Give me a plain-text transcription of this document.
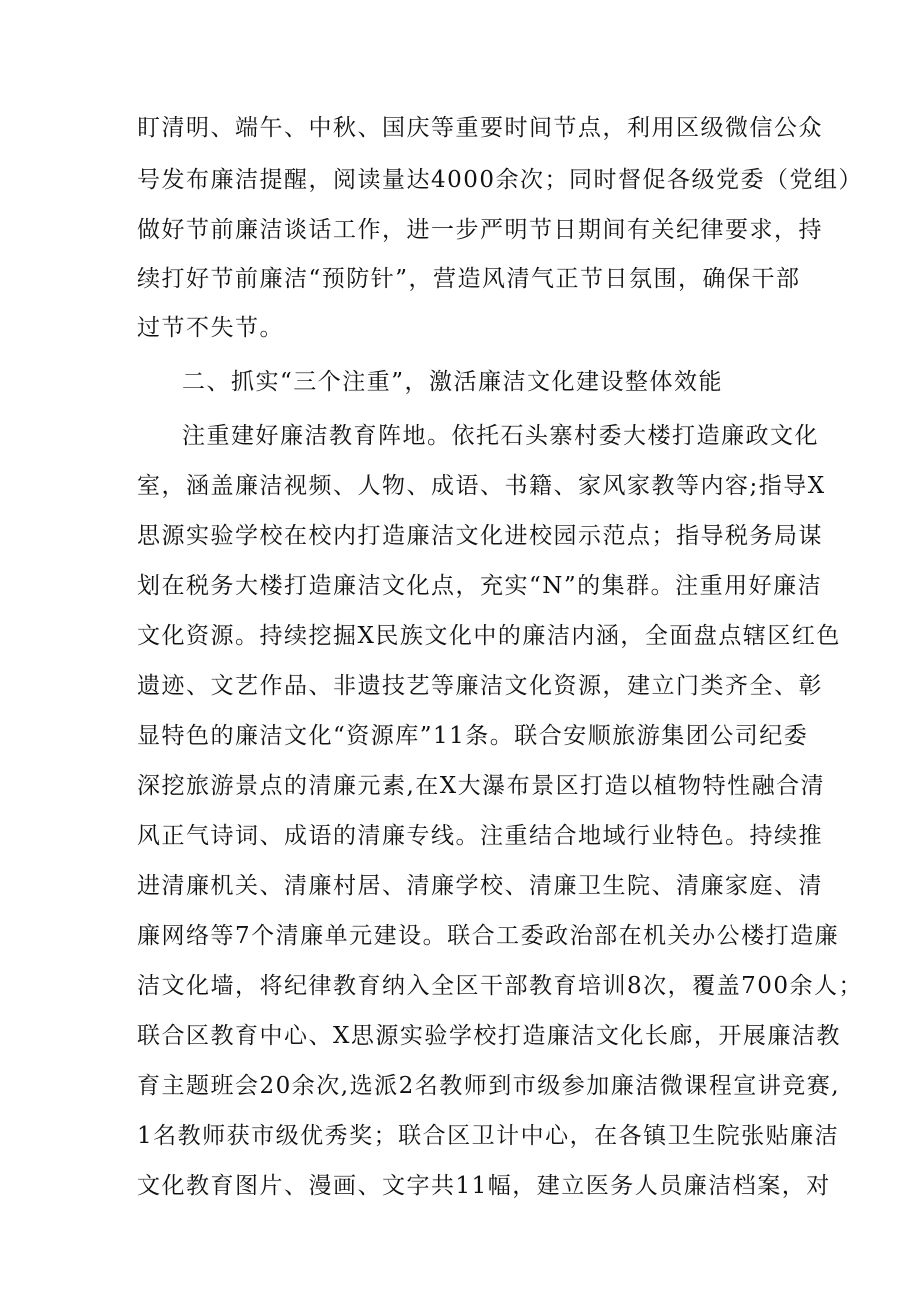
盯清明、端午、中秋、国庆等重要时间节点，利用区级微信公众
号发布廉洁提醒，阅读量达4000余次；同时督促各级党委（党组）
做好节前廉洁谈话工作，进一步严明节日期间有关纪律要求，持
续打好节前廉洁“预防针”，营造风清气正节日氛围，确保干部
过节不失节。
二、抓实“三个注重”，激活廉洁文化建设整体效能
注重建好廉洁教育阵地。依托石头寨村委大楼打造廉政文化
室，涵盖廉洁视频、人物、成语、书籍、家风家教等内容;指导X
思源实验学校在校内打造廉洁文化进校园示范点；指导税务局谋
划在税务大楼打造廉洁文化点，充实“N”的集群。注重用好廉洁
文化资源。持续挖掘X民族文化中的廉洁内涵，全面盘点辖区红色
遗迹、文艺作品、非遗技艺等廉洁文化资源，建立门类齐全、彰
显特色的廉洁文化“资源库”11条。联合安顺旅游集团公司纪委
深挖旅游景点的清廉元素,在X大瀑布景区打造以植物特性融合清
风正气诗词、成语的清廉专线。注重结合地域行业特色。持续推
进清廉机关、清廉村居、清廉学校、清廉卫生院、清廉家庭、清
廉网络等7个清廉单元建设。联合工委政治部在机关办公楼打造廉
洁文化墙，将纪律教育纳入全区干部教育培训8次，覆盖700余人；
联合区教育中心、X思源实验学校打造廉洁文化长廊，开展廉洁教
育主题班会20余次,选派2名教师到市级参加廉洁微课程宣讲竞赛,
1名教师获市级优秀奖；联合区卫计中心，在各镇卫生院张贴廉洁
文化教育图片、漫画、文字共11幅，建立医务人员廉洁档案，对
